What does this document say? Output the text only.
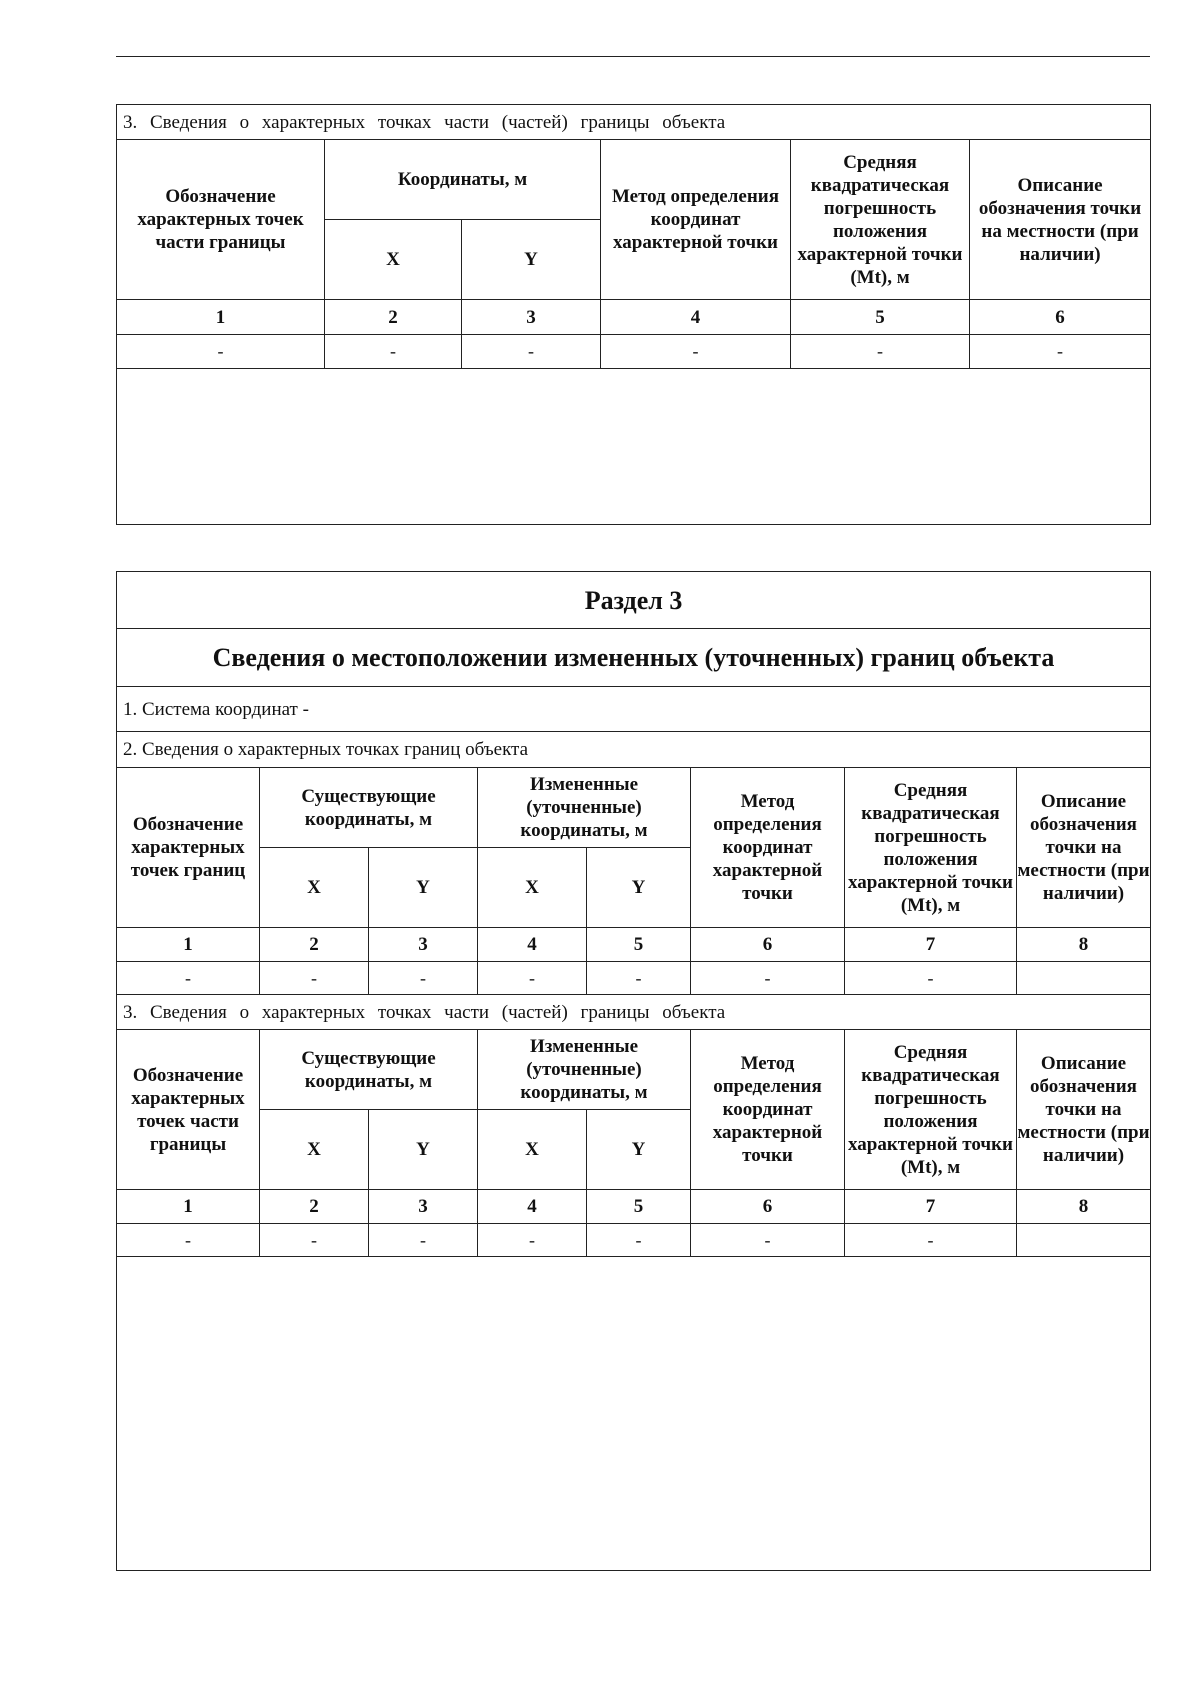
3. Сведения о характерных точках части (частей) границы объекта					
Обозначение характерных точек части границы	Координаты, м		Метод определения координат характерной точки	Средняя квадратическая погрешность положения характерной точки (Mt), м	Описание обозначения точки на местности (при наличии)
	X	Y			
1	2	3	4	5	6
-	-	-	-	-	-

Раздел 3							
Сведения о местоположении измененных (уточненных) границ объекта							
1. Система координат -							
2. Сведения о характерных точках границ объекта							
Обозначение характерных точек границ	Существующие координаты, м		Измененные (уточненные) координаты, м		Метод определения координат характерной точки	Средняя квадратическая погрешность положения характерной точки (Mt), м	Описание обозначения точки на местности (при наличии)
	X	Y	X	Y			
1	2	3	4	5	6	7	8
-	-	-	-	-	-	-	
3. Сведения о характерных точках части (частей) границы объекта							
Обозначение характерных точек части границы	Существующие координаты, м		Измененные (уточненные) координаты, м		Метод определения координат характерной точки	Средняя квадратическая погрешность положения характерной точки (Mt), м	Описание обозначения точки на местности (при наличии)
	X	Y	X	Y			
1	2	3	4	5	6	7	8
-	-	-	-	-	-	-	
